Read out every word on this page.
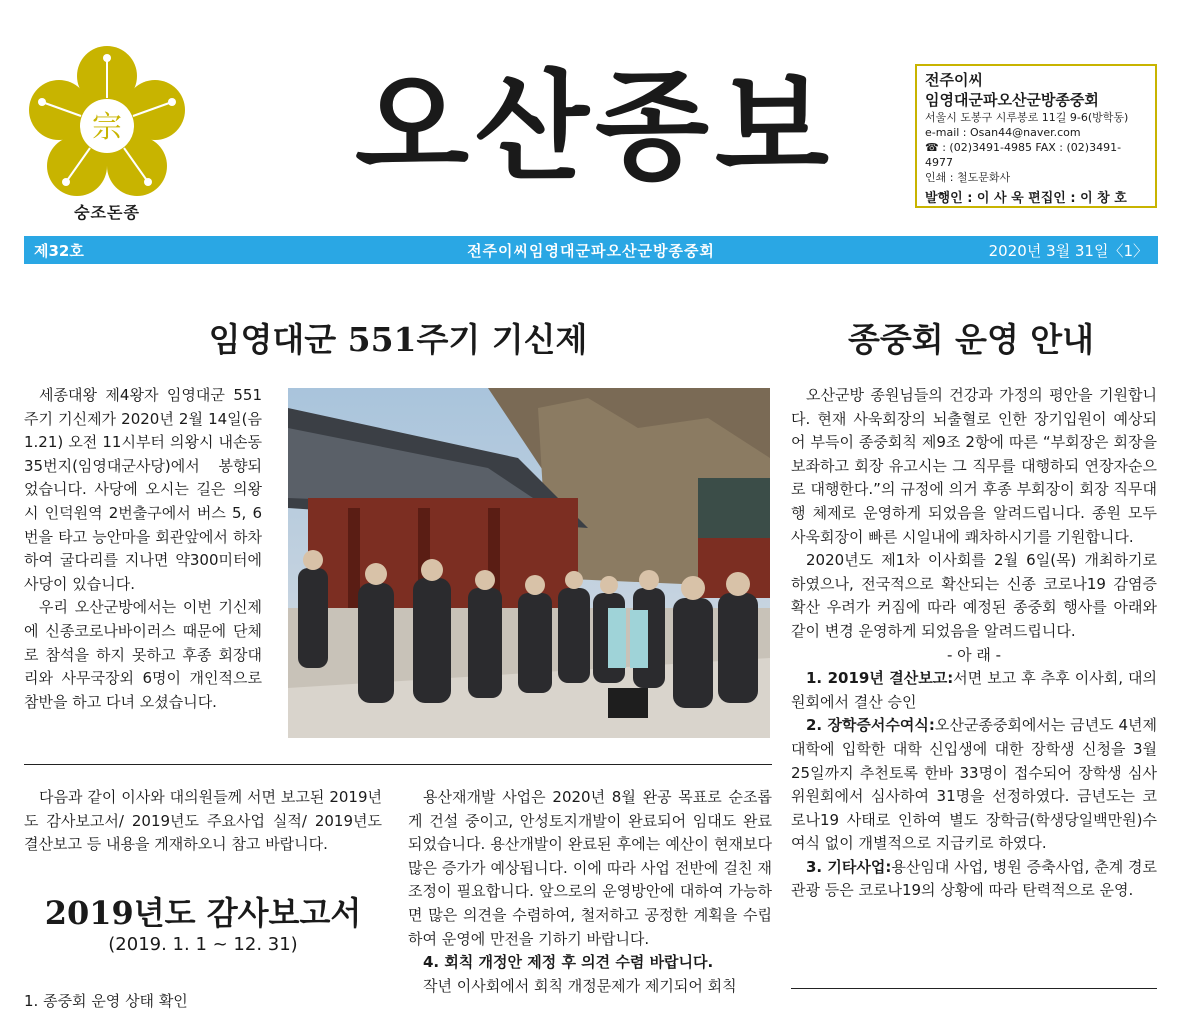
宗
숭조돈종
오산종보	전주이씨
임영대군파오산군방종중회
서울시 도봉구 시루봉로 11길 9-6(방학동)
e-mail : Osan44@naver.com
☎ : (02)3491-4985 FAX : (02)3491-4977
인쇄 : 철도문화사
발행인 : 이 사 욱 편집인 : 이 창 호
제32호	전주이씨임영대군파오산군방종중회	2020년 3월 31일〈1〉
임영대군 551주기 기신제

세종대왕 제4왕자 임영대군 551주기 기신제가 2020년 2월 14일(음1.21) 오전 11시부터 의왕시 내손동 35번지(임영대군사당)에서 봉향되었습니다. 사당에 오시는 길은 의왕시 인덕원역 2번출구에서 버스 5, 6번을 타고 능안마을 회관앞에서 하차하여 굴다리를 지나면 약300미터에 사당이 있습니다.

우리 오산군방에서는 이번 기신제에 신종코로나바이러스 때문에 단체로 참석을 하지 못하고 후종 회장대리와 사무국장외 6명이 개인적으로 참반을 하고 다녀 오셨습니다.

종중회 운영 안내

오산군방 종원님들의 건강과 가정의 평안을 기원합니다. 현재 사욱회장의 뇌출혈로 인한 장기입원이 예상되어 부득이 종중회칙 제9조 2항에 따른 “부회장은 회장을 보좌하고 회장 유고시는 그 직무를 대행하되 연장자순으로 대행한다.”의 규정에 의거 후종 부회장이 회장 직무대행 체제로 운영하게 되었음을 알려드립니다. 종원 모두 사욱회장이 빠른 시일내에 쾌차하시기를 기원합니다.

2020년도 제1차 이사회를 2월 6일(목) 개최하기로 하였으나, 전국적으로 확산되는 신종 코로나19 감염증 확산 우려가 커짐에 따라 예정된 종중회 행사를 아래와 같이 변경 운영하게 되었음을 알려드립니다.

- 아 래 -

1. 2019년 결산보고:서면 보고 후 추후 이사회, 대의원회에서 결산 승인

2. 장학증서수여식:오산군종중회에서는 금년도 4년제 대학에 입학한 대학 신입생에 대한 장학생 신청을 3월25일까지 추천토록 한바 33명이 접수되어 장학생 심사위원회에서 심사하여 31명을 선정하였다. 금년도는 코로나19 사태로 인하여 별도 장학금(학생당일백만원)수여식 없이 개별적으로 지급키로 하였다.

3. 기타사업:용산임대 사업, 병원 증축사업, 춘계 경로관광 등은 코로나19의 상황에 따라 탄력적으로 운영.

다음과 같이 이사와 대의원들께 서면 보고된 2019년도 감사보고서/ 2019년도 주요사업 실적/ 2019년도 결산보고 등 내용을 게재하오니 참고 바랍니다.

2019년도 감사보고서
(2019. 1. 1 ~ 12. 31)
1. 종중회 운영 상태 확인

용산재개발 사업은 2020년 8월 완공 목표로 순조롭게 건설 중이고, 안성토지개발이 완료되어 임대도 완료되었습니다. 용산개발이 완료된 후에는 예산이 현재보다 많은 증가가 예상됩니다. 이에 따라 사업 전반에 걸친 재조정이 필요합니다. 앞으로의 운영방안에 대하여 가능하면 많은 의견을 수렴하여, 철저하고 공정한 계획을 수립하여 운영에 만전을 기하기 바랍니다.

4. 회칙 개정안 제정 후 의견 수렴 바랍니다.

작년 이사회에서 회칙 개정문제가 제기되어 회칙
